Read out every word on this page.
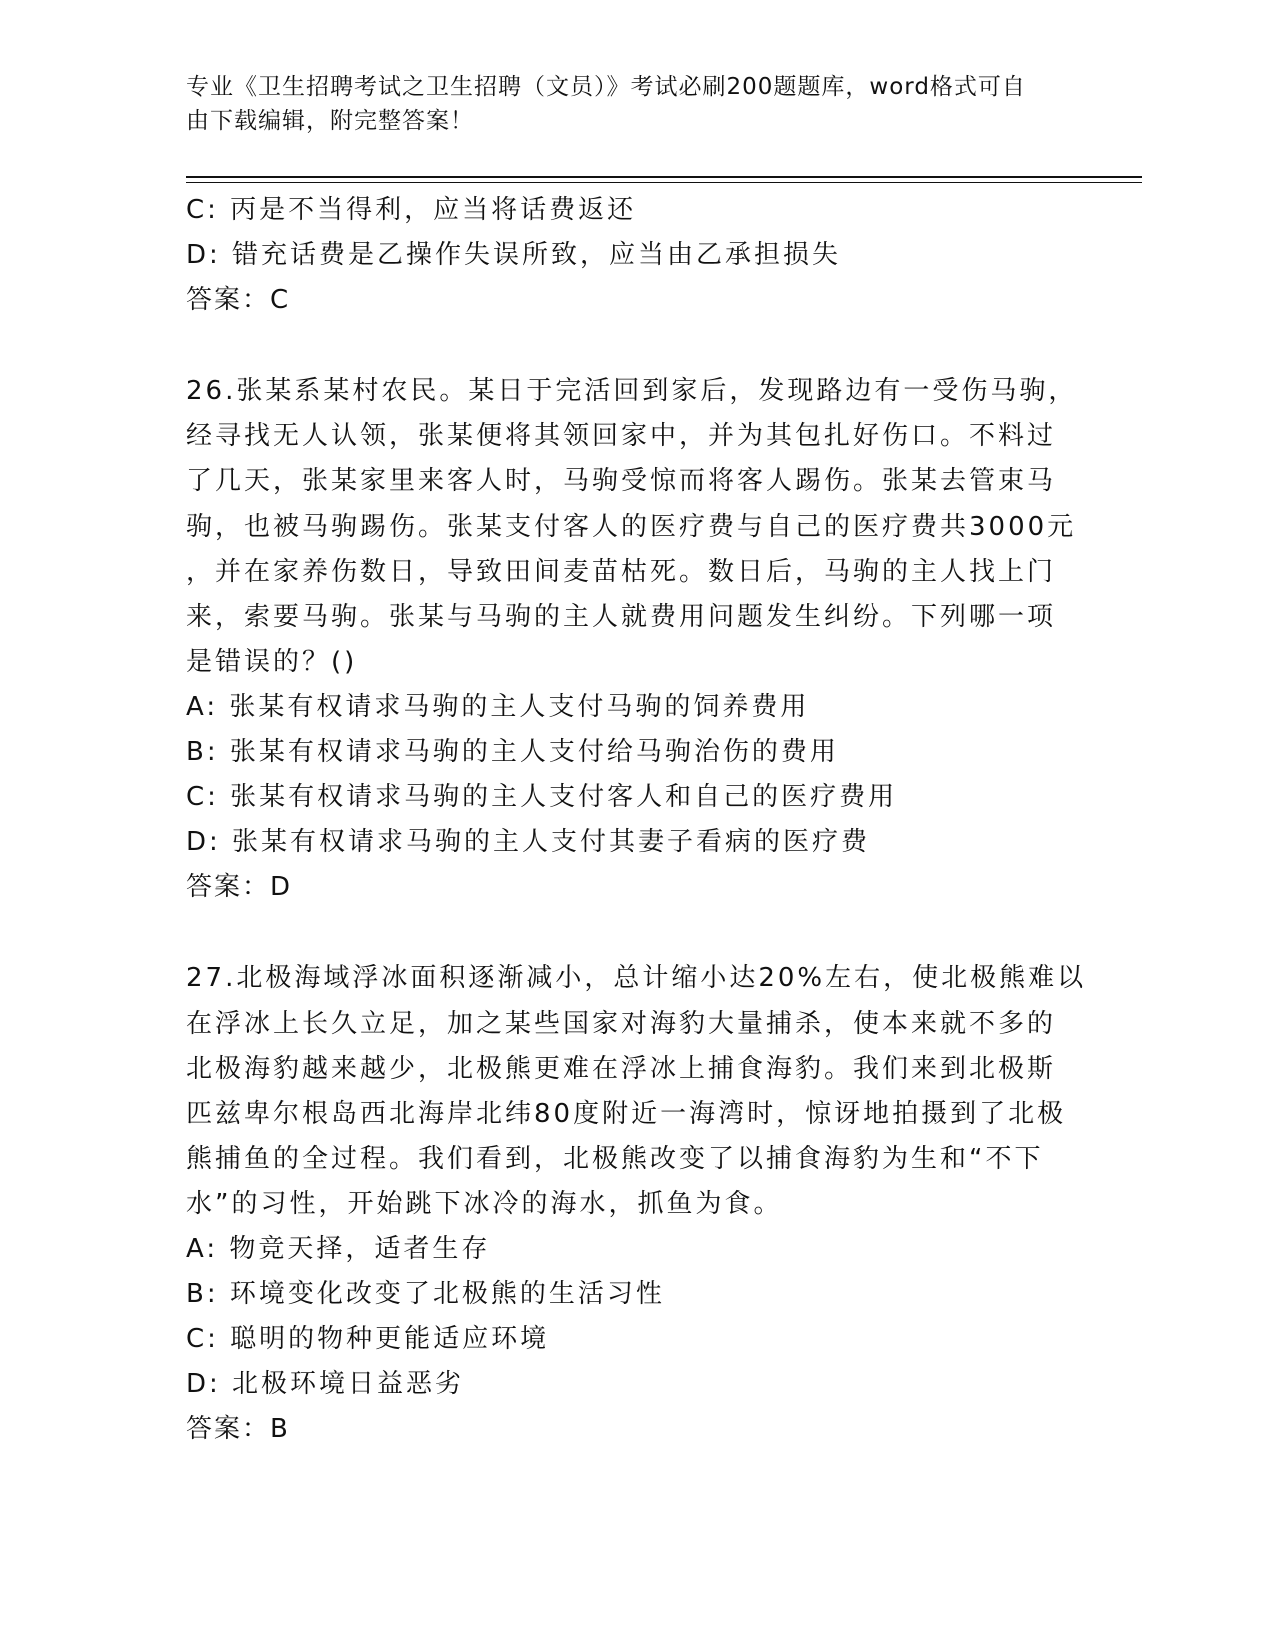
专业《卫生招聘考试之卫生招聘（文员）》考试必刷200题题库，word格式可自
由下载编辑，附完整答案！
C: 丙是不当得利，应当将话费返还
D: 错充话费是乙操作失误所致，应当由乙承担损失
答案：C
26.张某系某村农民。某日于完活回到家后，发现路边有一受伤马驹，
经寻找无人认领，张某便将其领回家中，并为其包扎好伤口。不料过
了几天，张某家里来客人时，马驹受惊而将客人踢伤。张某去管束马
驹，也被马驹踢伤。张某支付客人的医疗费与自己的医疗费共3000元
，并在家养伤数日，导致田间麦苗枯死。数日后，马驹的主人找上门
来，索要马驹。张某与马驹的主人就费用问题发生纠纷。下列哪一项
是错误的？()
A: 张某有权请求马驹的主人支付马驹的饲养费用
B: 张某有权请求马驹的主人支付给马驹治伤的费用
C: 张某有权请求马驹的主人支付客人和自己的医疗费用
D: 张某有权请求马驹的主人支付其妻子看病的医疗费
答案：D
27.北极海域浮冰面积逐渐减小，总计缩小达20%左右，使北极熊难以
在浮冰上长久立足，加之某些国家对海豹大量捕杀，使本来就不多的
北极海豹越来越少，北极熊更难在浮冰上捕食海豹。我们来到北极斯
匹兹卑尔根岛西北海岸北纬80度附近一海湾时，惊讶地拍摄到了北极
熊捕鱼的全过程。我们看到，北极熊改变了以捕食海豹为生和“不下
水”的习性，开始跳下冰冷的海水，抓鱼为食。
A: 物竞天择，适者生存
B: 环境变化改变了北极熊的生活习性
C: 聪明的物种更能适应环境
D: 北极环境日益恶劣
答案：B
